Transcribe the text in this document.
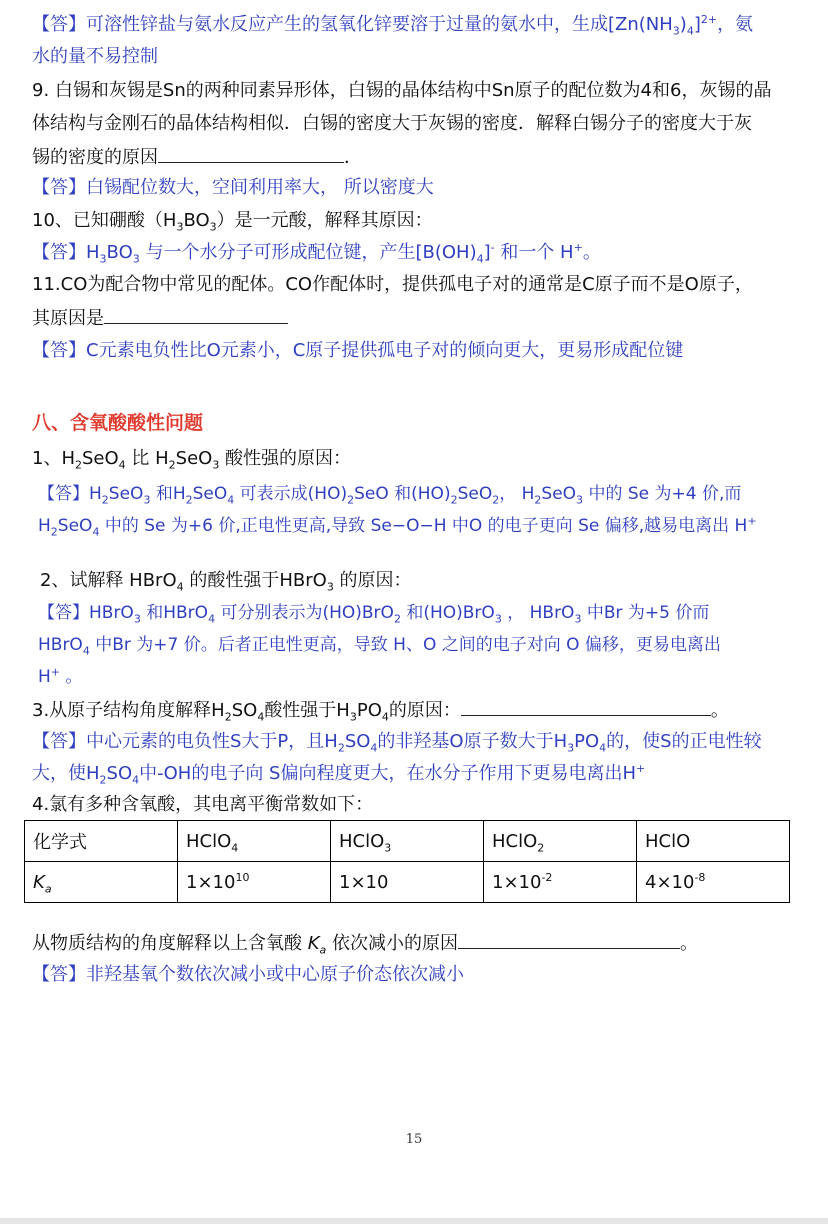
【答】可溶性锌盐与氨水反应产生的氢氧化锌要溶于过量的氨水中，生成$[Zn(NH_3)_4]^{2+}$，氨
水的量不易控制
9. 白锡和灰锡是Sn的两种同素异形体，白锡的晶体结构中Sn原子的配位数为4和6，灰锡的晶
体结构与金刚石的晶体结构相似．白锡的密度大于灰锡的密度．解释白锡分子的密度大于灰
锡的密度的原因	．
【答】白锡配位数大，空间利用率大， 所以密度大
10、已知硼酸$(H_3BO_3)$是一元酸，解释其原因：
【答】$H_3BO_3$ 与一个水分子可形成配位键，产生$[B(OH)_4]^-$ 和一个 H+。
11.CO为配合物中常见的配体。CO作配体时，提供孤电子对的通常是C原子而不是O原子，
其原因是
【答】C元素电负性比O元素小，C原子提供孤电子对的倾向更大，更易形成配位键
八、含氧酸酸性问题
1、$H_2SeO_4$ 比 $H_2SeO_3$ 酸性强的原因：
【答】$H_2SeO_3$ 和$H_2SeO_4$ 可表示成$(HO)_2SeO$ 和$(HO)_2SeO_2$， $H_2SeO_3$ 中的 Se 为+4 价,而
$H_2SeO_4$ 中的 Se 为+6 价,正电性更高,导致 Se−O−H 中O 的电子更向 Se 偏移,越易电离出 H+
2、试解释 HBrO$_4$ 的酸性强于HBrO$_3$ 的原因：
【答】HBrO$_3$ 和HBrO$_4$ 可分别表示为(HO)BrO$_2$ 和(HO)BrO$_3$ ， HBrO$_3$ 中Br 为+5 价而
HBrO$_4$ 中Br 为+7 价。后者正电性更高，导致 H、O 之间的电子对向 O 偏移，更易电离出
H+ 。
3.从原子结构角度解释$H_2SO_4$酸性强于$H_3PO_4$的原因：	。
【答】中心元素的电负性S大于P，且$H_2SO_4$的非羟基O原子数大于$H_3PO_4$的，使S的正电性较
大，使$H_2SO_4$中-OH的电子向 S偏向程度更大，在水分子作用下更易电离出H+
4.氯有多种含氧酸，其电离平衡常数如下：
化学式	HClO$_4$	HClO$_3$	HClO$_2$	HClO
$K_a$	$1\times 10^{10}$	1×10	$1\times 10^{-2}$	$4\times 10^{-8}$
从物质结构的角度解释以上含氧酸 $K_a$ 依次减小的原因	。
【答】非羟基氧个数依次减小或中心原子价态依次减小
15
